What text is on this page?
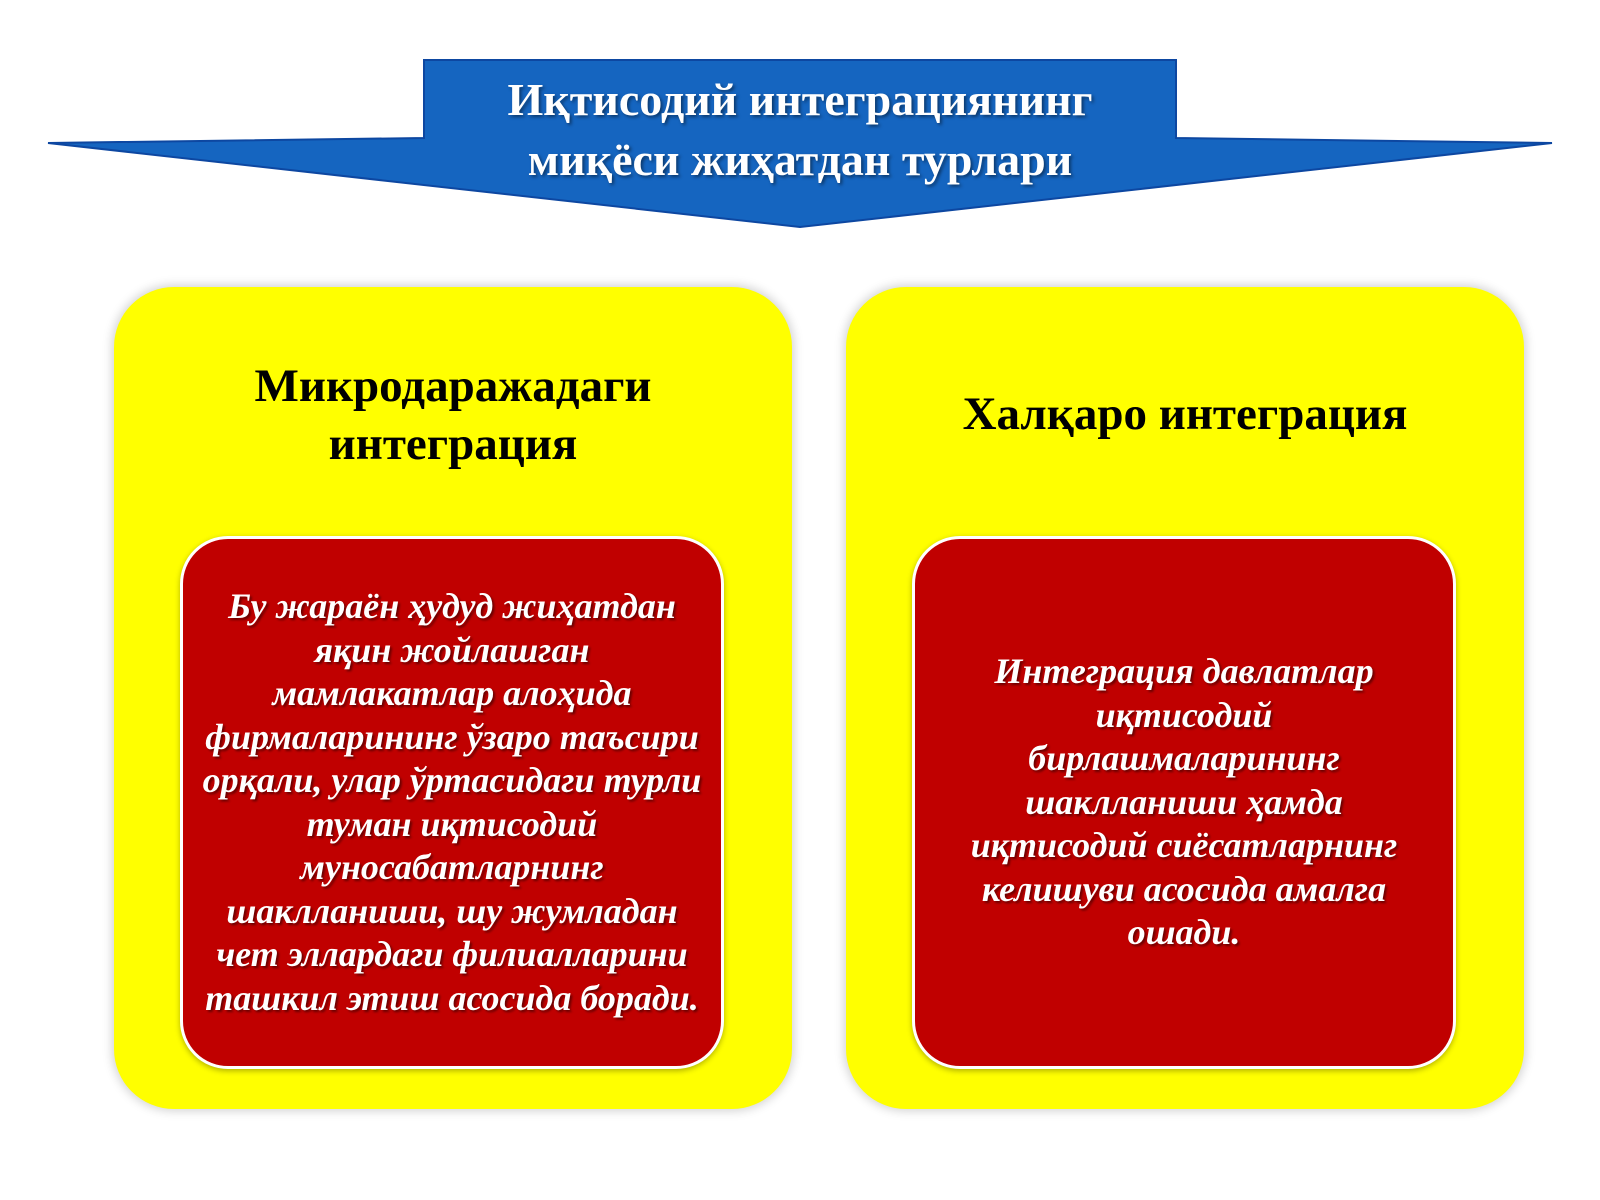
Иқтисодий интеграциянинг миқёси жиҳатдан турлари
Микродаражадаги интеграция
Бу жараён ҳудуд жиҳатдан яқин жойлашган мамлакатлар алоҳида фирмаларининг ўзаро таъсири орқали, улар ўртасидаги турли туман иқтисодий муносабатларнинг шаклланиши, шу жумладан чет эллардаги филиалларини ташкил этиш асосида боради.
Халқаро интеграция
Интеграция давлатлар иқтисодий бирлашмаларининг шаклланиши ҳамда иқтисодий сиёсатларнинг келишуви асосида амалга ошади.
